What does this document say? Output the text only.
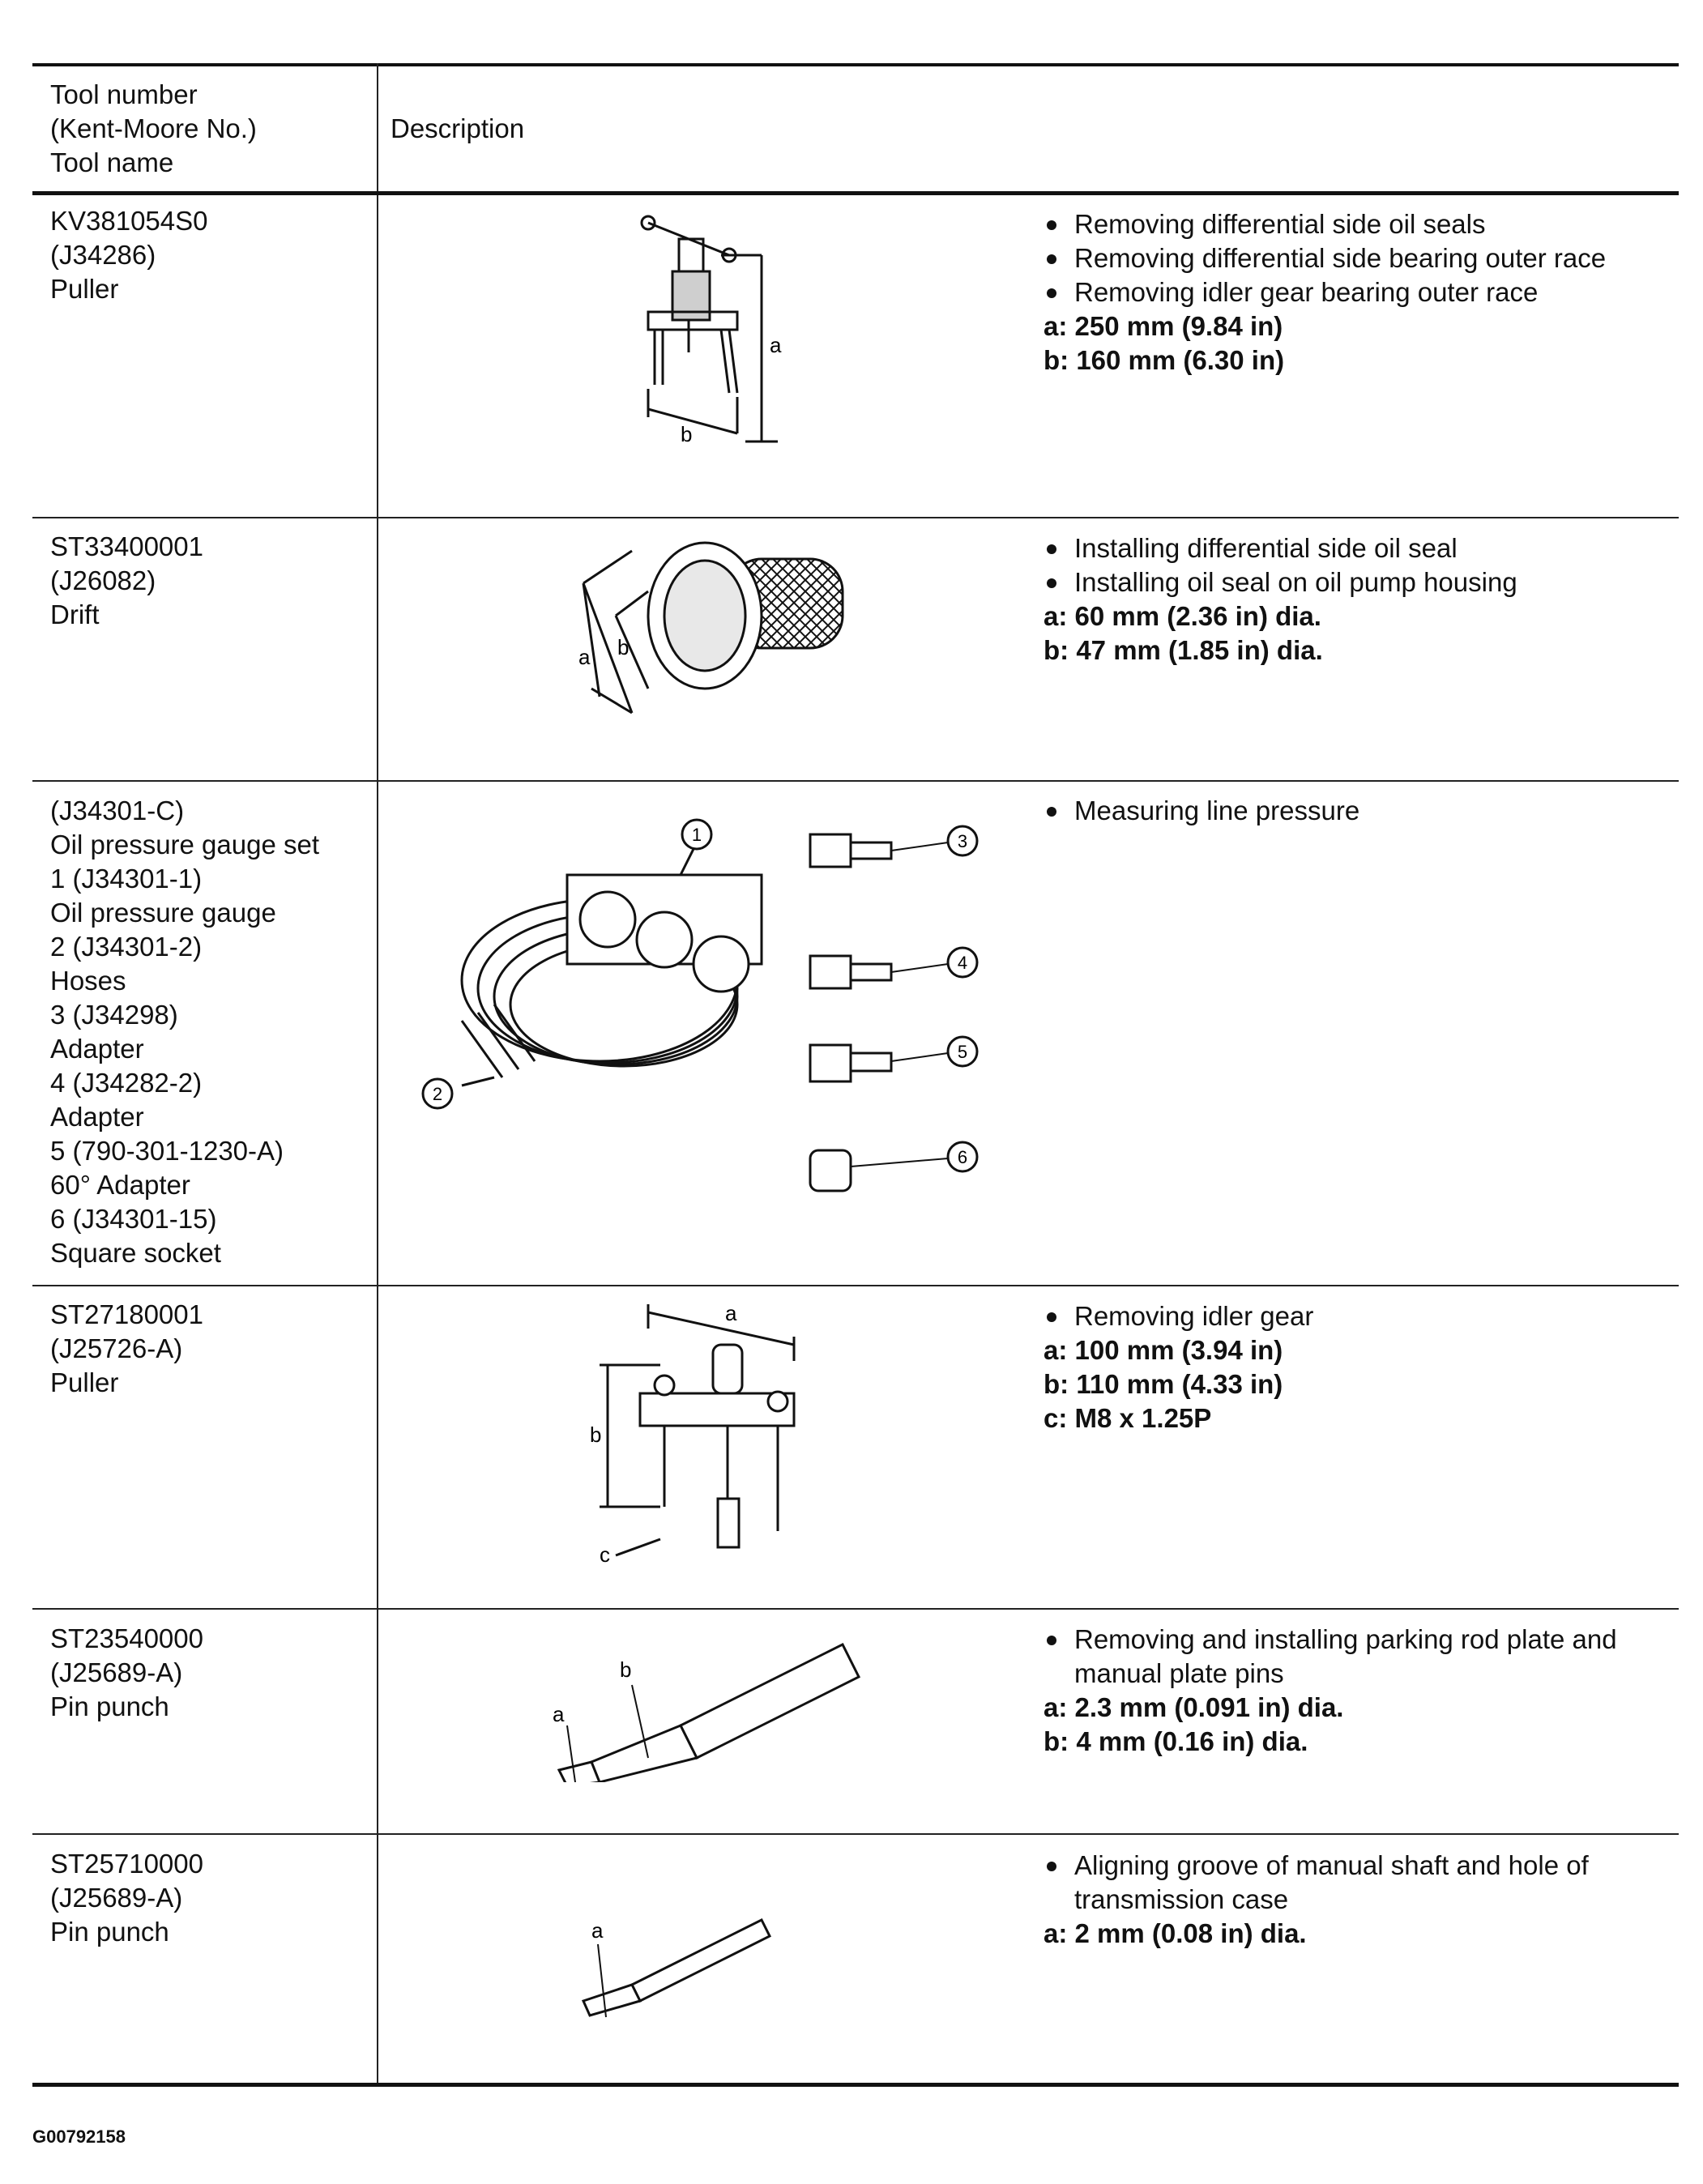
Tool number
(Kent-Moore No.)
Tool name
Description
KV381054S0
(J34286)
Puller
Removing differential side oil seals
Removing differential side bearing outer race
Removing idler gear bearing outer race
a: 250 mm (9.84 in)
b: 160 mm (6.30 in)
a
b
ST33400001
(J26082)
Drift
Installing differential side oil seal
Installing oil seal on oil pump housing
a: 60 mm (2.36 in) dia.
b: 47 mm (1.85 in) dia.
a b
(J34301-C)
Oil pressure gauge set
1 (J34301-1)
Oil pressure gauge
2 (J34301-2)
Hoses
3 (J34298)
Adapter
4 (J34282-2)
Adapter
5 (790-301-1230-A)
60° Adapter
6 (J34301-15)
Square socket
Measuring line pressure
1
2
3
4
5
6
ST27180001
(J25726-A)
Puller
Removing idler gear
a: 100 mm (3.94 in)
b: 110 mm (4.33 in)
c: M8 x 1.25P
a
b
c
ST23540000
(J25689-A)
Pin punch
Removing and installing parking rod plate and manual plate pins
a: 2.3 mm (0.091 in) dia.
b: 4 mm (0.16 in) dia.
b
a
ST25710000
(J25689-A)
Pin punch
Aligning groove of manual shaft and hole of transmission case
a: 2 mm (0.08 in) dia.
a
G00792158
